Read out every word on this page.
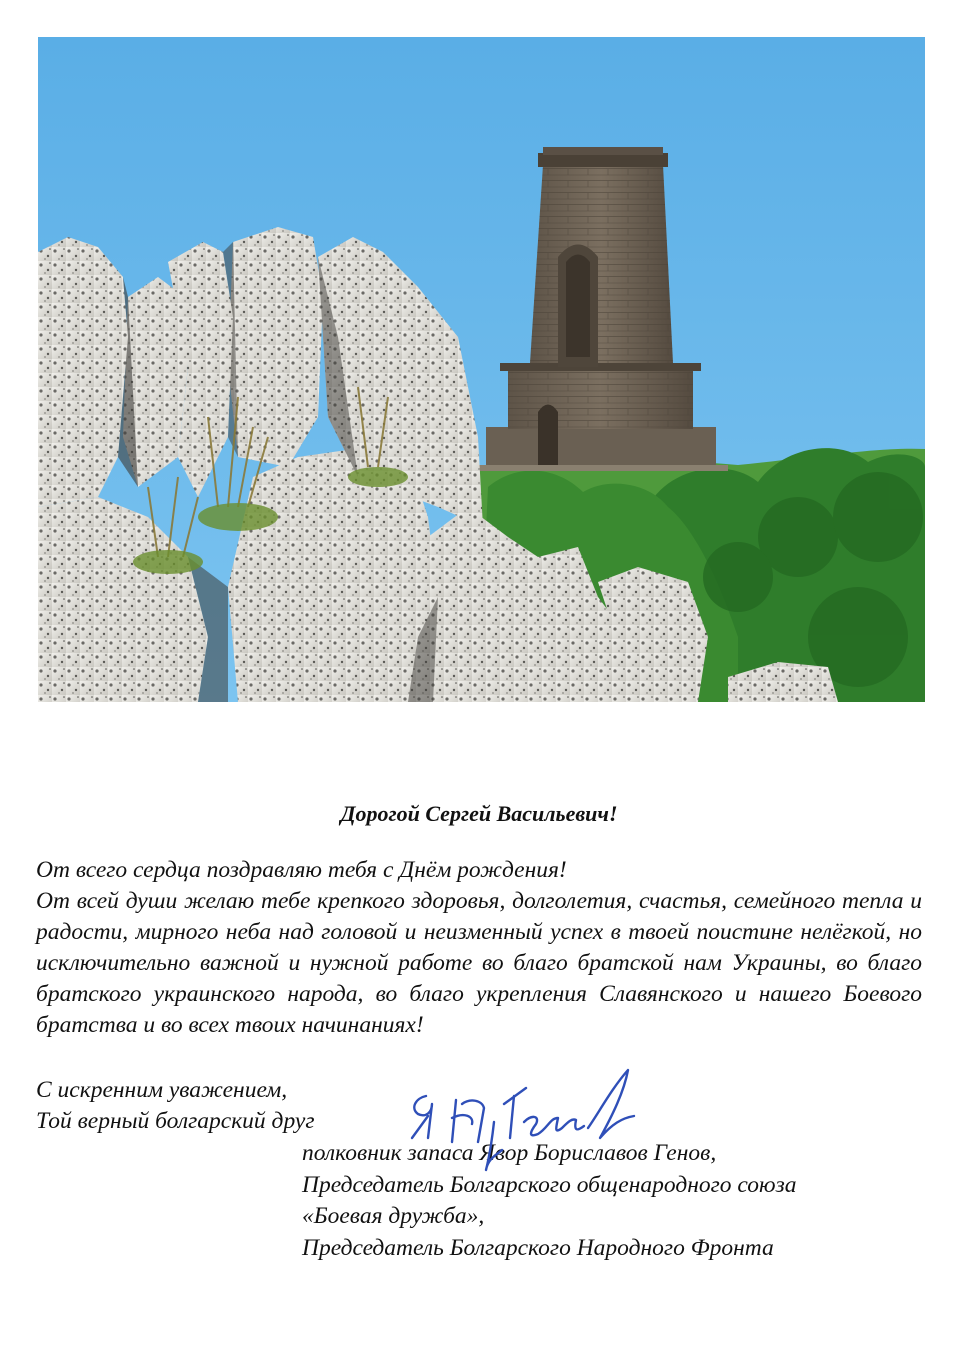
Дорогой Сергей Васильевич!

От всего сердца поздравляю тебя с Днём рождения!

От всей души желаю тебе крепкого здоровья, долголетия, счастья, семейного тепла и радости, мирного неба над головой и неизменный успех в твоей поистине нелёгкой, но исключительно важной и нужной работе во благо братской нам Украины, во благо братского украинского народа, во благо укрепления Славянского и нашего Боевого братства и во всех твоих начинаниях!

С искренним уважением,
Той верный болгарский друг
полковник запаса Явор Бориславов Генов,
Председатель Болгарского общенародного союза
«Боевая дружба»,
Председатель Болгарского Народного Фронта
